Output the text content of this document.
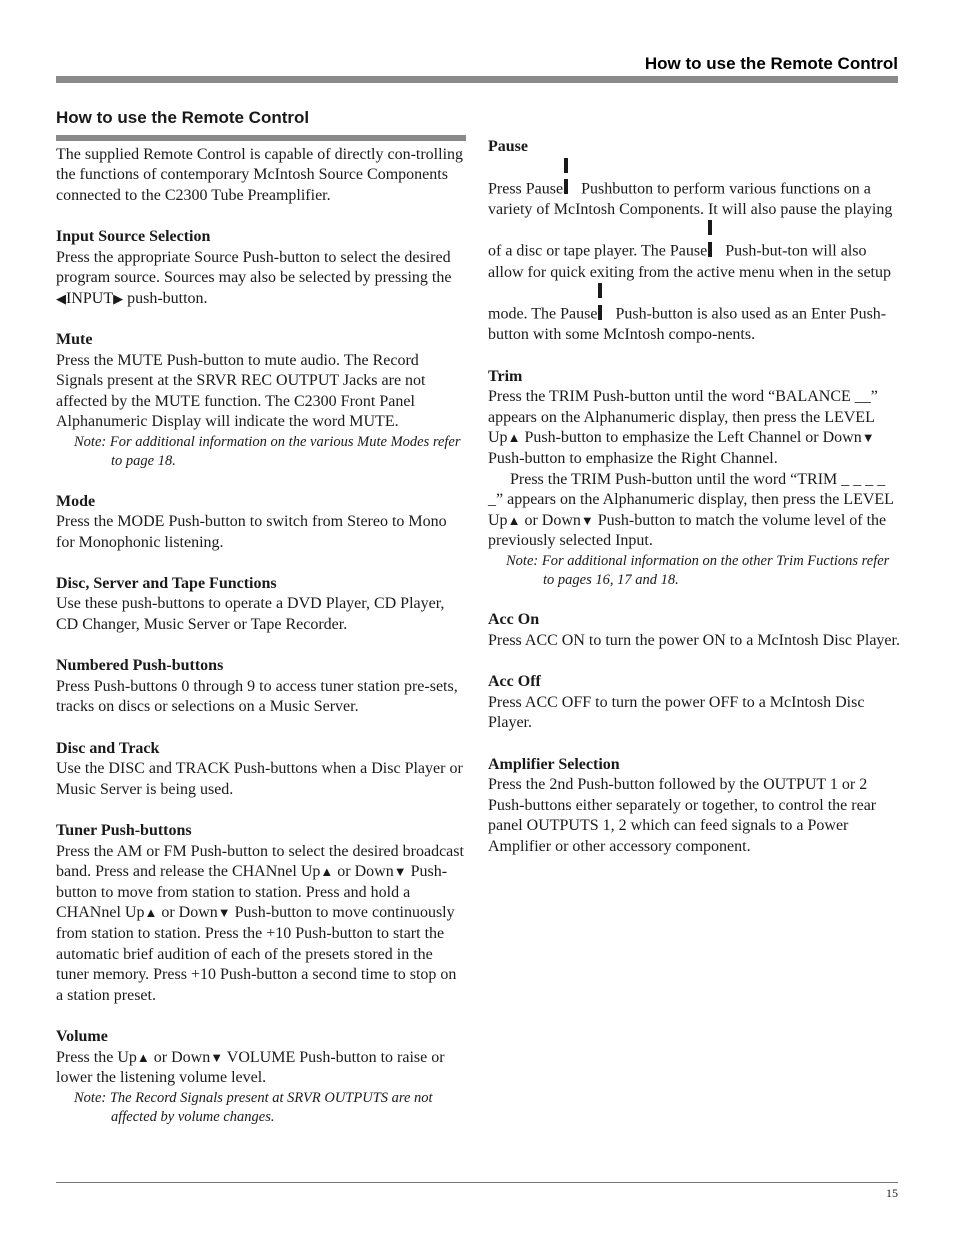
How to use the Remote Control
How to use the Remote Control

The supplied Remote Control is capable of directly con-trolling the functions of contemporary McIntosh Source Components connected to the C2300 Tube Preamplifier.

Input Source Selection

Press the appropriate Source Push-button to select the desired program source. Sources may also be selected by pressing the ◀INPUT▶ push-button.

Mute

Press the MUTE Push-button to mute audio. The Record Signals present at the SRVR REC OUTPUT Jacks are not affected by the MUTE function. The C2300 Front Panel Alphanumeric Display will indicate the word MUTE.

Note: For additional information on the various Mute Modes refer to page 18.

Mode

Press the MODE Push-button to switch from Stereo to Mono for Monophonic listening.

Disc, Server and Tape Functions

Use these push-buttons to operate a DVD Player, CD Player, CD Changer, Music Server or Tape Recorder.

Numbered Push-buttons

Press Push-buttons 0 through 9 to access tuner station pre-sets, tracks on discs or selections on a Music Server.

Disc and Track

Use the DISC and TRACK Push-buttons when a Disc Player or Music Server is being used.

Tuner Push-buttons

Press the AM or FM Push-button to select the desired broadcast band. Press and release the CHANnel Up▲ or Down▼ Push-button to move from station to station. Press and hold a CHANnel Up▲ or Down▼ Push-button to move continuously from station to station. Press the +10 Push-button to start the automatic brief audition of each of the presets stored in the tuner memory. Press +10 Push-button a second time to stop on a station preset.

Volume

Press the Up▲ or Down▼ VOLUME Push-button to raise or lower the listening volume level.

Note: The Record Signals present at SRVR OUTPUTS are not affected by volume changes.

Pause

Press Pause Pushbutton to perform various functions on a variety of McIntosh Components. It will also pause the playing of a disc or tape player. The Pause Push-but-ton will also allow for quick exiting from the active menu when in the setup mode. The Pause Push-button is also used as an Enter Push-button with some McIntosh compo-nents.

Trim

Press the TRIM Push-button until the word “BALANCE __” appears on the Alphanumeric display, then press the LEVEL Up▲ Push-button to emphasize the Left Channel or Down▼ Push-button to emphasize the Right Channel.
Press the TRIM Push-button until the word “TRIM _ _ _ _ _” appears on the Alphanumeric display, then press the LEVEL Up▲ or Down▼ Push-button to match the volume level of the previously selected Input.

Note: For additional information on the other Trim Fuctions refer to pages 16, 17 and 18.

Acc On

Press ACC ON to turn the power ON to a McIntosh Disc Player.

Acc Off

Press ACC OFF to turn the power OFF to a McIntosh Disc Player.

Amplifier Selection

Press the 2nd Push-button followed by the OUTPUT 1 or 2 Push-buttons either separately or together, to control the rear panel OUTPUTS 1, 2 which can feed signals to a Power Amplifier or other accessory component.

15
